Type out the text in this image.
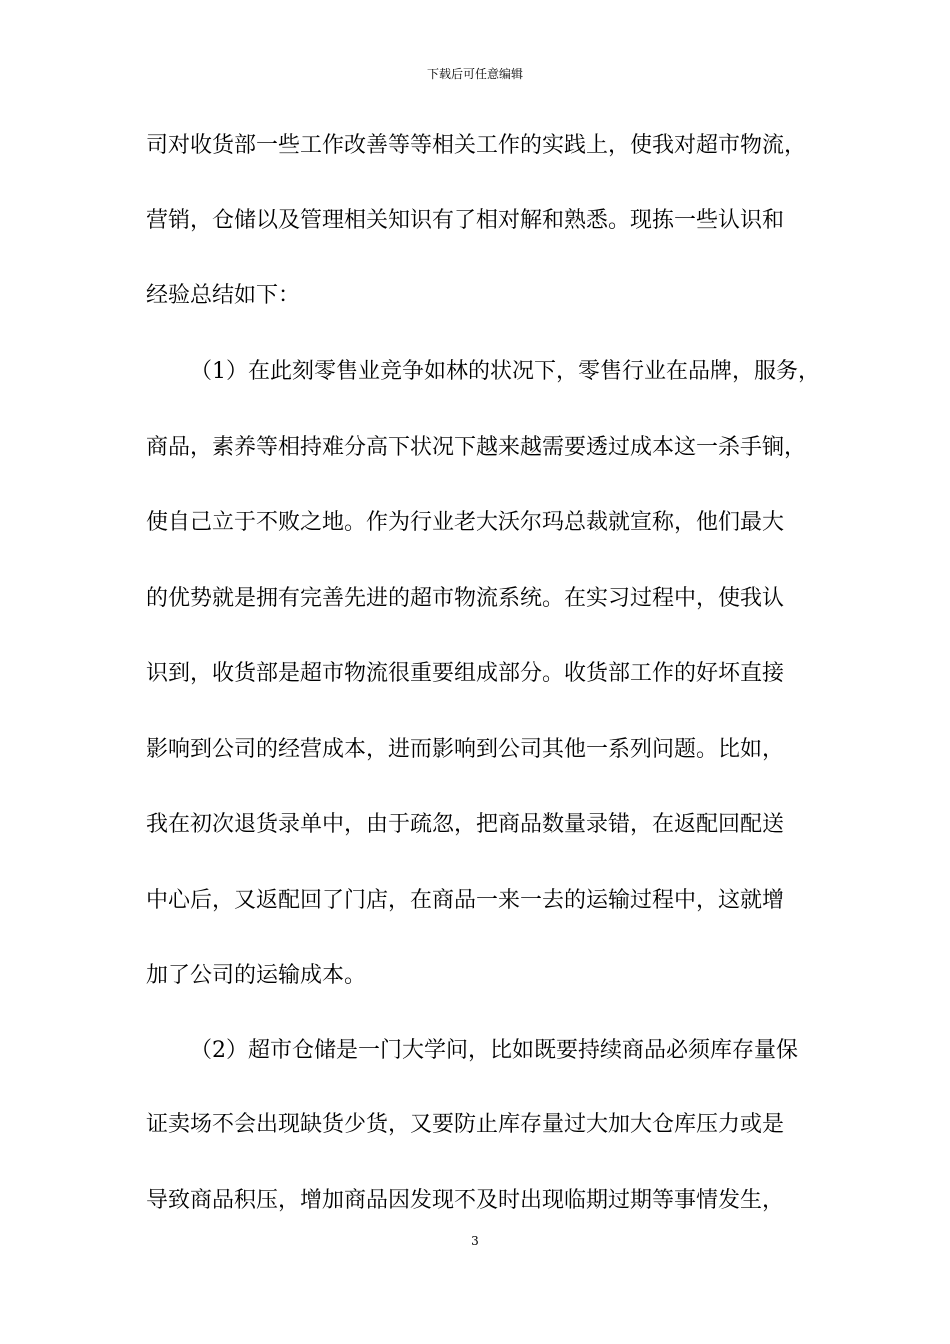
下载后可任意编辑
司对收货部一些工作改善等等相关工作的实践上，使我对超市物流，
营销，仓储以及管理相关知识有了相对解和熟悉。现拣一些认识和
经验总结如下：
（1）在此刻零售业竞争如林的状况下，零售行业在品牌，服务，
商品，素养等相持难分高下状况下越来越需要透过成本这一杀手锏，
使自己立于不败之地。作为行业老大沃尔玛总裁就宣称，他们最大
的优势就是拥有完善先进的超市物流系统。在实习过程中，使我认
识到，收货部是超市物流很重要组成部分。收货部工作的好坏直接
影响到公司的经营成本，进而影响到公司其他一系列问题。比如，
我在初次退货录单中，由于疏忽，把商品数量录错，在返配回配送
中心后，又返配回了门店，在商品一来一去的运输过程中，这就增
加了公司的运输成本。
（2）超市仓储是一门大学问，比如既要持续商品必须库存量保
证卖场不会出现缺货少货，又要防止库存量过大加大仓库压力或是
导致商品积压，增加商品因发现不及时出现临期过期等事情发生，
3
